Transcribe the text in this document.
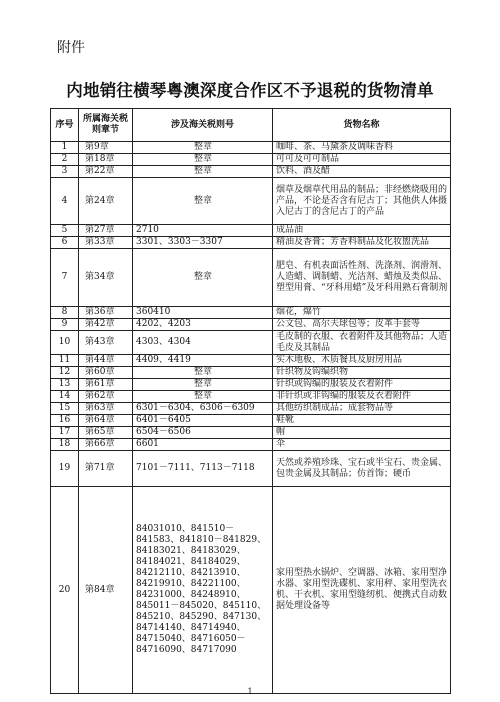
附件
内地销往横琴粤澳深度合作区不予退税的货物清单
序号	所属海关税则章节	涉及海关税则号	货物名称
1	第9章	整章	咖啡、茶、马黛茶及调味香料
2	第18章	整章	可可及可可制品
3	第22章	整章	饮料、酒及醋
4	第24章	整章	烟草及烟草代用品的制品；非经燃烧吸用的产品，不论是否含有尼古丁；其他供人体摄入尼古丁的含尼古丁的产品
5	第27章	2710	成品油
6	第33章	3301、3303－3307	精油及香膏；芳香料制品及化妆盥洗品
7	第34章	整章	肥皂、有机表面活性剂、洗涤剂、润滑剂、人造蜡、调制蜡、光洁剂、蜡烛及类似品、塑型用膏、“牙科用蜡”及牙科用熟石膏制剂
8	第36章	360410	烟花，爆竹
9	第42章	4202、4203	公文包、高尔夫球包等；皮革手套等
10	第43章	4303、4304	毛皮制的衣服、衣着附件及其他物品；人造毛皮及其制品
11	第44章	4409、4419	实木地板、木质餐具及厨房用品
12	第60章	整章	针织物及钩编织物
13	第61章	整章	针织或钩编的服装及衣着附件
14	第62章	整章	非针织或非钩编的服装及衣着附件
15	第63章	6301－6304、6306－6309	其他纺织制成品；成套物品等
16	第64章	6401－6405	鞋靴
17	第65章	6504－6506	帽
18	第66章	6601	伞
19	第71章	7101－7111、7113－7118	天然或养殖珍珠、宝石或半宝石、贵金属、包贵金属及其制品；仿首饰；硬币
20	第84章	84031010、841510－841583、841810－841829、84183021、84183029、84184021、84184029、84212110、84213910、84219910、84221100、84231000、84248910、845011－845020、845110、845210、845290、847130、84714140、84714940、84715040、84716050－84716090、84717090	家用型热水锅炉、空调器、冰箱、家用型净水器、家用型洗碟机、家用秤、家用型洗衣机、干衣机、家用型缝纫机、便携式自动数据处理设备等
1
